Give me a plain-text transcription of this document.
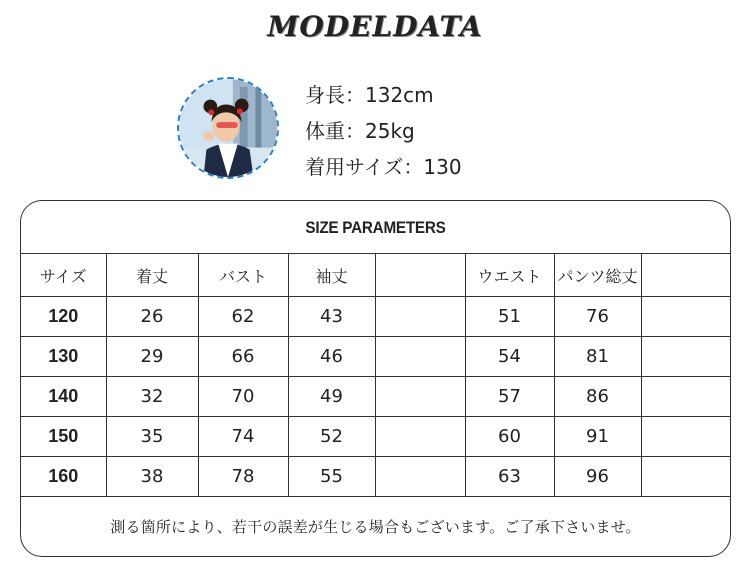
MODELDATA
身長：132cm
体重：25kg
着用サイズ：130
SIZE PARAMETERS
サイズ	着丈	バスト	袖丈		ウエスト	パンツ総丈	
120	26	62	43		51	76	
130	29	66	46		54	81	
140	32	70	49		57	86	
150	35	74	52		60	91	
160	38	78	55		63	96	
測る箇所により、若干の誤差が生じる場合もございます。ご了承下さいませ。
